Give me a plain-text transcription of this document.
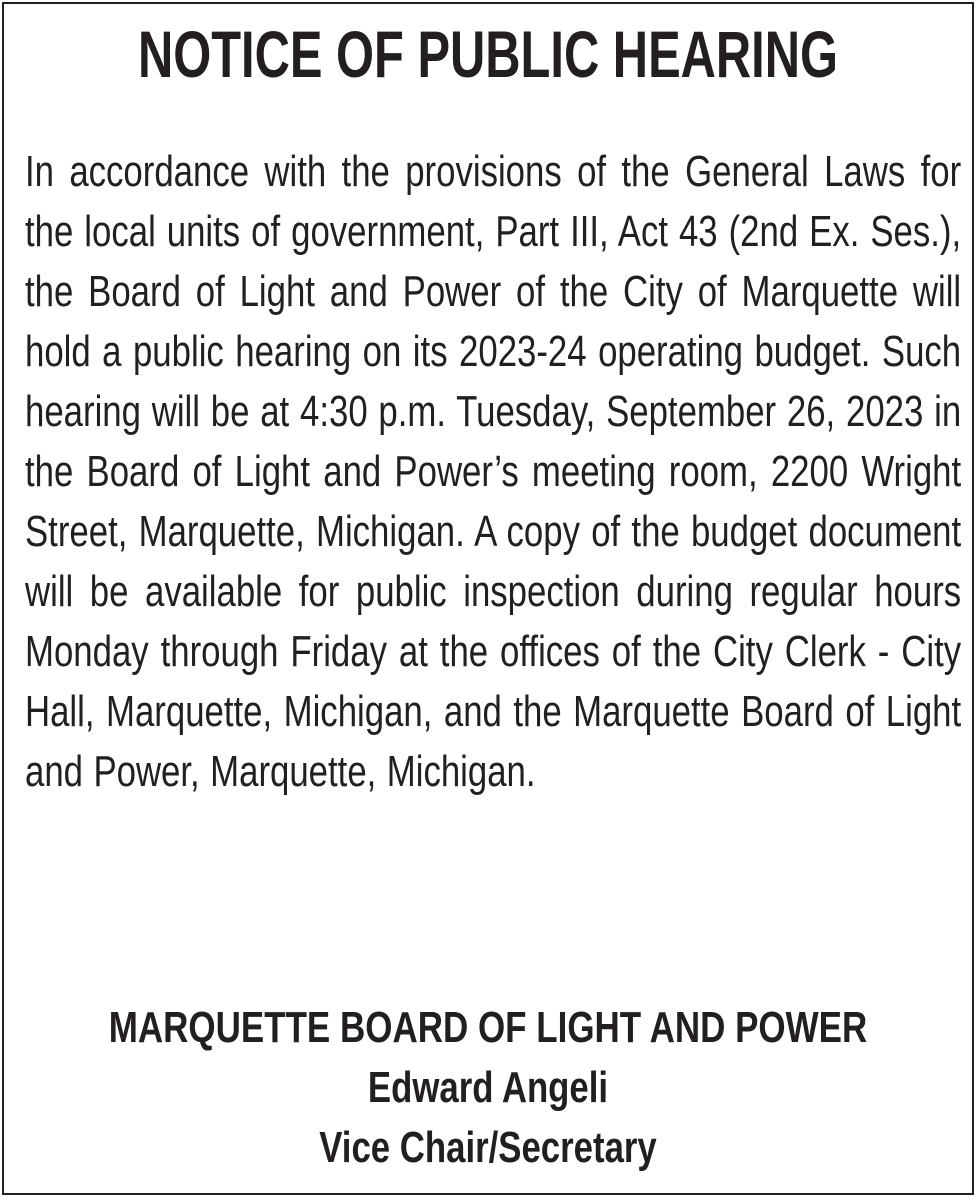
NOTICE OF PUBLIC HEARING
In accordance with the provisions of the General Laws for the local units of government, Part III, Act 43 (2nd Ex. Ses.), the Board of Light and Power of the City of Marquette will hold a public hearing on its 2023-24 operating budget. Such hearing will be at 4:30 p.m. Tuesday, September 26, 2023 in the Board of Light and Power’s meeting room, 2200 Wright Street, Marquette, Michigan. A copy of the budget document will be available for public inspection during regular hours Monday through Friday at the offices of the City Clerk - City Hall, Marquette, Michigan, and the Marquette Board of Light and Power, Marquette, Michigan.
MARQUETTE BOARD OF LIGHT AND POWER
Edward Angeli
Vice Chair/Secretary
